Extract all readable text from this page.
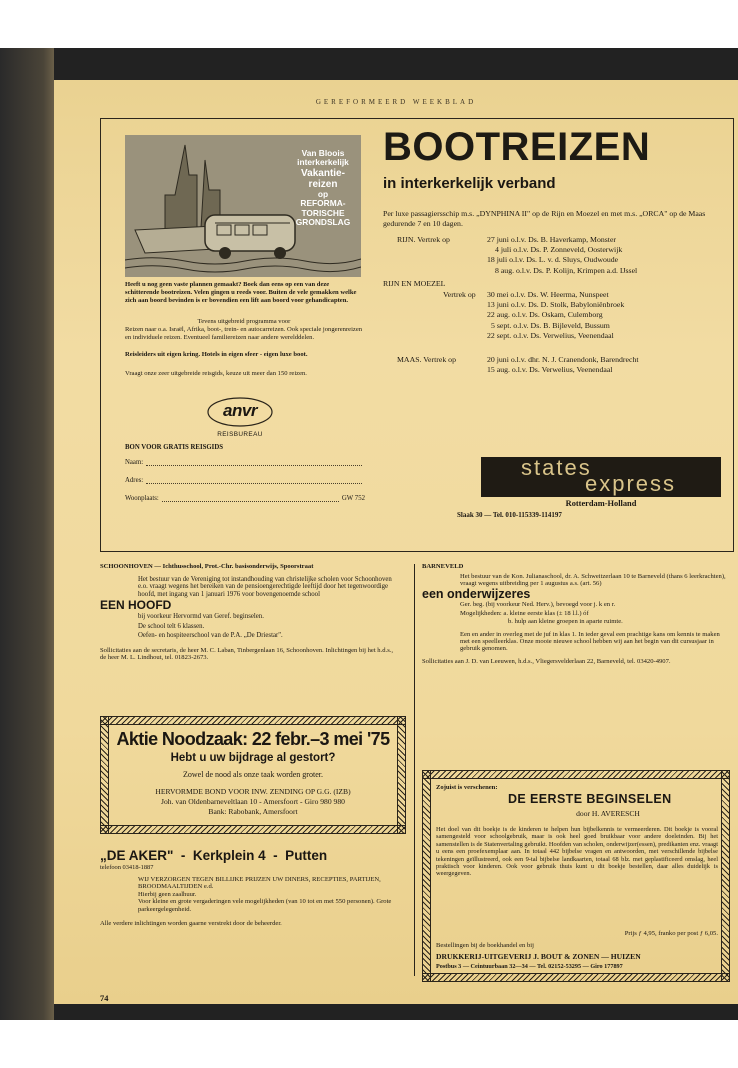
GEREFORMEERD WEEKBLAD
Van Bloois
interkerkelijk
Vakantie-
reizen
op
REFORMA-
TORISCHE
GRONDSLAG
Heeft u nog geen vaste plannen gemaakt? Boek dan eens op een van deze schitterende bootreizen. Velen gingen u reeds voor. Buiten de vele gemakken welke zich aan boord bevinden is er bovendien een lift aan boord voor gehandicapten.
Tevens uitgebreid programma voor
Reizen naar o.a. Israël, Afrika, boot-, trein- en autocarreizen. Ook speciale jongerenreizen en individuele reizen. Eventueel familiereizen naar andere werelddelen.
Reisleiders uit eigen kring. Hotels in eigen sfeer - eigen luxe boot.
Vraagt onze zeer uitgebreide reisgids, keuze uit meer dan 150 reizen.
anvr
REISBUREAU
BON VOOR GRATIS REISGIDS
Naam:
Adres:
Woonplaats:	GW 752
BOOTREIZEN
in interkerkelijk verband
Per luxe passagiersschip m.s. „DYNPHINA II" op de Rijn en Moezel en met m.s. „ORCA" op de Maas gedurende 7 en 10 dagen.
RIJN. Vertrek op	27 juni o.l.v. Ds. B. Haverkamp, Monster
4 juli o.l.v. Ds. P. Zonneveld, Oosterwijk
18 juli o.l.v. Ds. L. v. d. Sluys, Oudwoude
8 aug. o.l.v. Ds. P. Kolijn, Krimpen a.d. IJssel
RIJN EN MOEZEL
Vertrek op 30 mei o.l.v. Ds. W. Heerma, Nunspeet
13 juni o.l.v. Ds. D. Stolk, Babyloniënbroek
22 aug. o.l.v. Ds. Oskam, Culemborg
5 sept. o.l.v. Ds. B. Bijleveld, Bussum
22 sept. o.l.v. Ds. Verwelius, Veenendaal
MAAS. Vertrek op	20 juni o.l.v. dhr. N. J. Cranendonk, Barendrecht
15 aug. o.l.v. Ds. Verwelius, Veenendaal
states
express
Rotterdam-Holland
Slaak 30 — Tel. 010-115339-114197
SCHOONHOVEN — Ichthusschool, Prot.-Chr. basisonderwijs, Spoorstraat
Het bestuur van de Vereniging tot instandhouding van christelijke scholen voor Schoonhoven e.o. vraagt wegens het bereiken van de pensioengerechtigde leeftijd door het tegenwoordige hoofd, met ingang van 1 januari 1976 voor bovengenoemde school
EEN HOOFD
bij voorkeur Hervormd van Geref. beginselen.
De school telt 6 klassen.
Oefen- en hospiteerschool van de P.A. „De Driestar".
Sollicitaties aan de secretaris, de heer M. C. Laban, Tinbergenlaan 16, Schoonhoven. Inlichtingen bij het h.d.s., de heer M. L. Lindhout, tel. 01823-2673.
BARNEVELD
Het bestuur van de Kon. Julianaschool, dr. A. Schweitzerlaan 10 te Barneveld (thans 6 leerkrachten), vraagt wegens uitbreiding per 1 augustus a.s. (art. 56)
een onderwijzeres
Ger. beg. (bij voorkeur Ned. Herv.), bevoegd voor j. k en r.
Mogelijkheden: a. kleine eerste klas (± 18 l.l.) óf
b. hulp aan kleine groepen in aparte ruimte.
Een en ander in overleg met de juf in klas 1. In ieder geval een prachtige kans om kennis te maken met een speelleerklas. Onze mooie nieuwe school hebben wij aan het begin van dit cursusjaar in gebruik genomen.
Sollicitaties aan J. D. van Leeuwen, h.d.s., Vliegersvelderlaan 22, Barneveld, tel. 03420-4907.
Aktie Noodzaak: 22 febr.–3 mei '75
Hebt u uw bijdrage al gestort?
Zowel de nood als onze taak worden groter.
HERVORMDE BOND VOOR INW. ZENDING OP G.G. (IZB)
Joh. van Oldenbarneveltlaan 10 - Amersfoort - Giro 980 980
Bank: Rabobank, Amersfoort
„DE AKER"  -  Kerkplein 4  -  Putten
telefoon 03418-1887
WIJ VERZORGEN TEGEN BILLIJKE PRIJZEN UW DINERS, RECEPTIES, PARTIJEN, BROODMAALTIJDEN e.d.
Hierbij geen zaalhuur.
Voor kleine en grote vergaderingen vele mogelijkheden (van 10 tot en met 550 personen). Grote parkeergelegenheid.
Alle verdere inlichtingen worden gaarne verstrekt door de beheerder.
Zojuist is verschenen:
DE EERSTE BEGINSELEN
door H. AVERESCH
Het doel van dit boekje is de kinderen te helpen hun bijbelkennis te vermeerderen. Dit boekje is vooral samengesteld voor schoolgebruik, maar is ook heel goed bruikbaar voor andere doeleinden. Bij het samenstellen is de Statenvertaling gebruikt. Hoofden van scholen, onderwijzer(essen), predikanten enz. vraagt u eens een proefexemplaar aan. In totaal 442 bijbelse vragen en antwoorden, met verschillende bijbelse tekeningen geïllustreerd, ook een 9-tal bijbelse landkaarten, totaal 68 blz. met geplastificeerd omslag, heel praktisch voor kinderen. Ook voor gebruik thuis kunt u dit boekje bestellen, daar alles duidelijk is weergegeven.
Prijs ƒ 4,95, franko per post ƒ 6,05.
Bestellingen bij de boekhandel en bij
DRUKKERIJ-UITGEVERIJ J. BOUT & ZONEN — HUIZEN
Postbus 3 — Ceintuurbaan 32—34 — Tel. 02152-53295 — Giro 177897
74
